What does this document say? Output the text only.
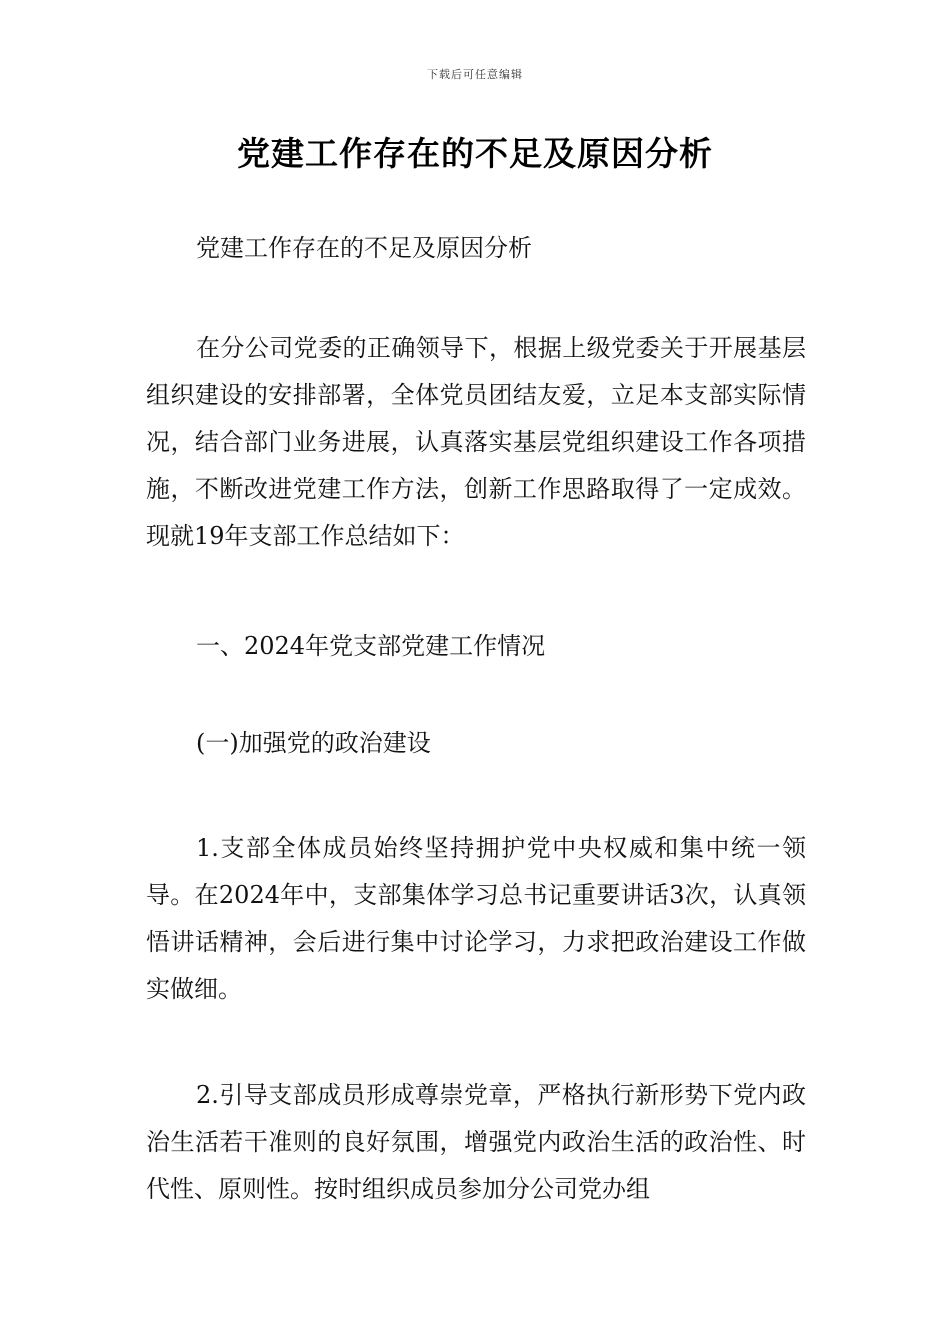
下载后可任意编辑
党建工作存在的不足及原因分析

党建工作存在的不足及原因分析

在分公司党委的正确领导下，根据上级党委关于开展基层组织建设的安排部署，全体党员团结友爱，立足本支部实际情况，结合部门业务进展，认真落实基层党组织建设工作各项措施，不断改进党建工作方法，创新工作思路取得了一定成效。现就19年支部工作总结如下：

一、2024年党支部党建工作情况

(一)加强党的政治建设

1.支部全体成员始终坚持拥护党中央权威和集中统一领导。在2024年中，支部集体学习总书记重要讲话3次，认真领悟讲话精神，会后进行集中讨论学习，力求把政治建设工作做实做细。

2.引导支部成员形成尊崇党章，严格执行新形势下党内政治生活若干准则的良好氛围，增强党内政治生活的政治性、时代性、原则性。按时组织成员参加分公司党办组
